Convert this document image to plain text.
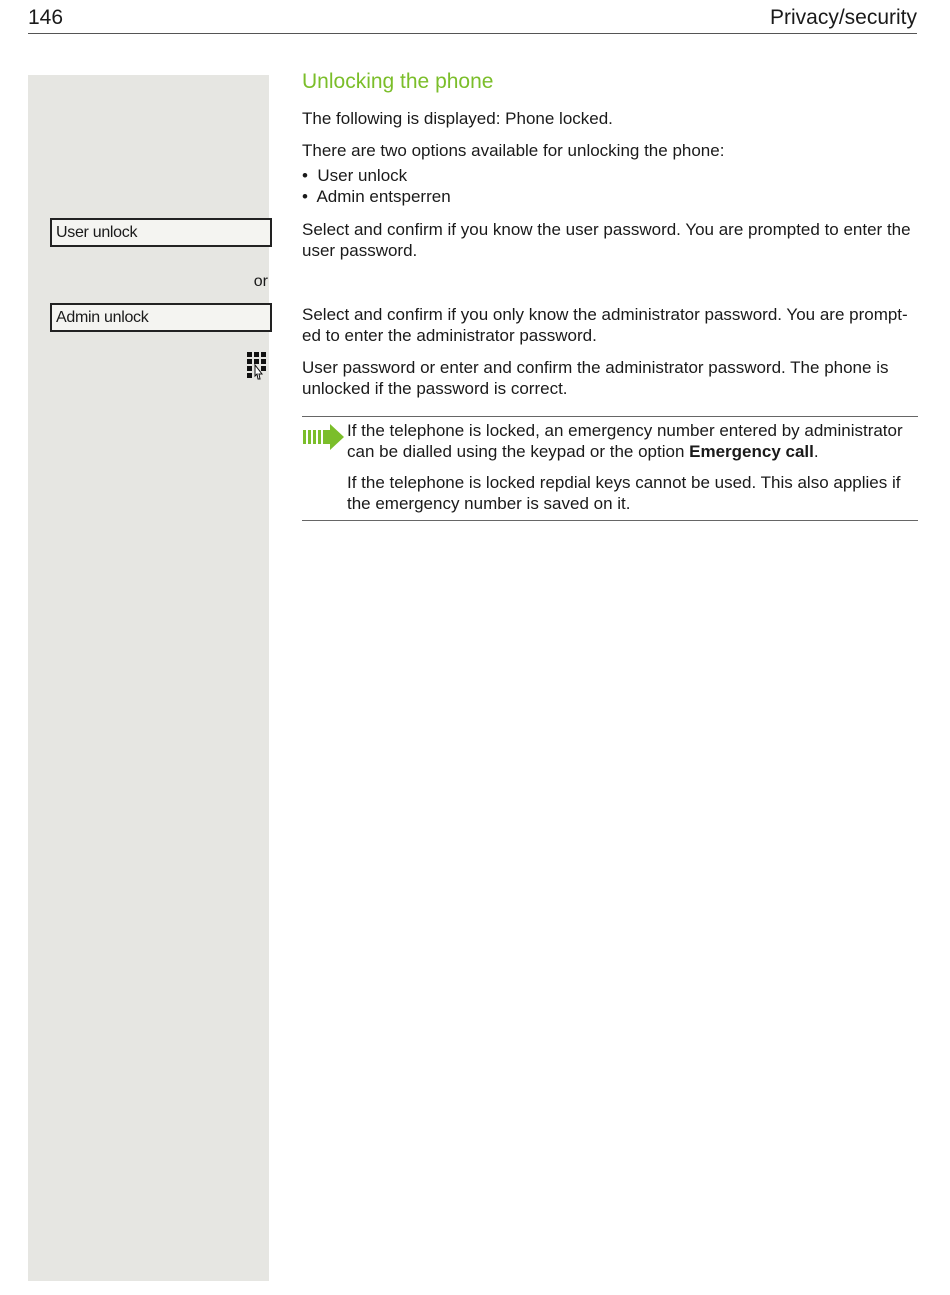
146	Privacy/security
User unlock
or
Admin unlock
Unlocking the phone

The following is displayed: Phone locked.

There are two options available for unlocking the phone:

•  User unlock
•  Admin entsperren

Select and confirm if you know the user password. You are prompted to enter the user password.

Select and confirm if you only know the administrator password. You are prompt-ed to enter the administrator password.

User password or enter and confirm the administrator password. The phone is unlocked if the password is correct.

If the telephone is locked, an emergency number entered by administrator can be dialled using the keypad or the option Emergency call.
If the telephone is locked repdial keys cannot be used. This also applies if the emergency number is saved on it.
